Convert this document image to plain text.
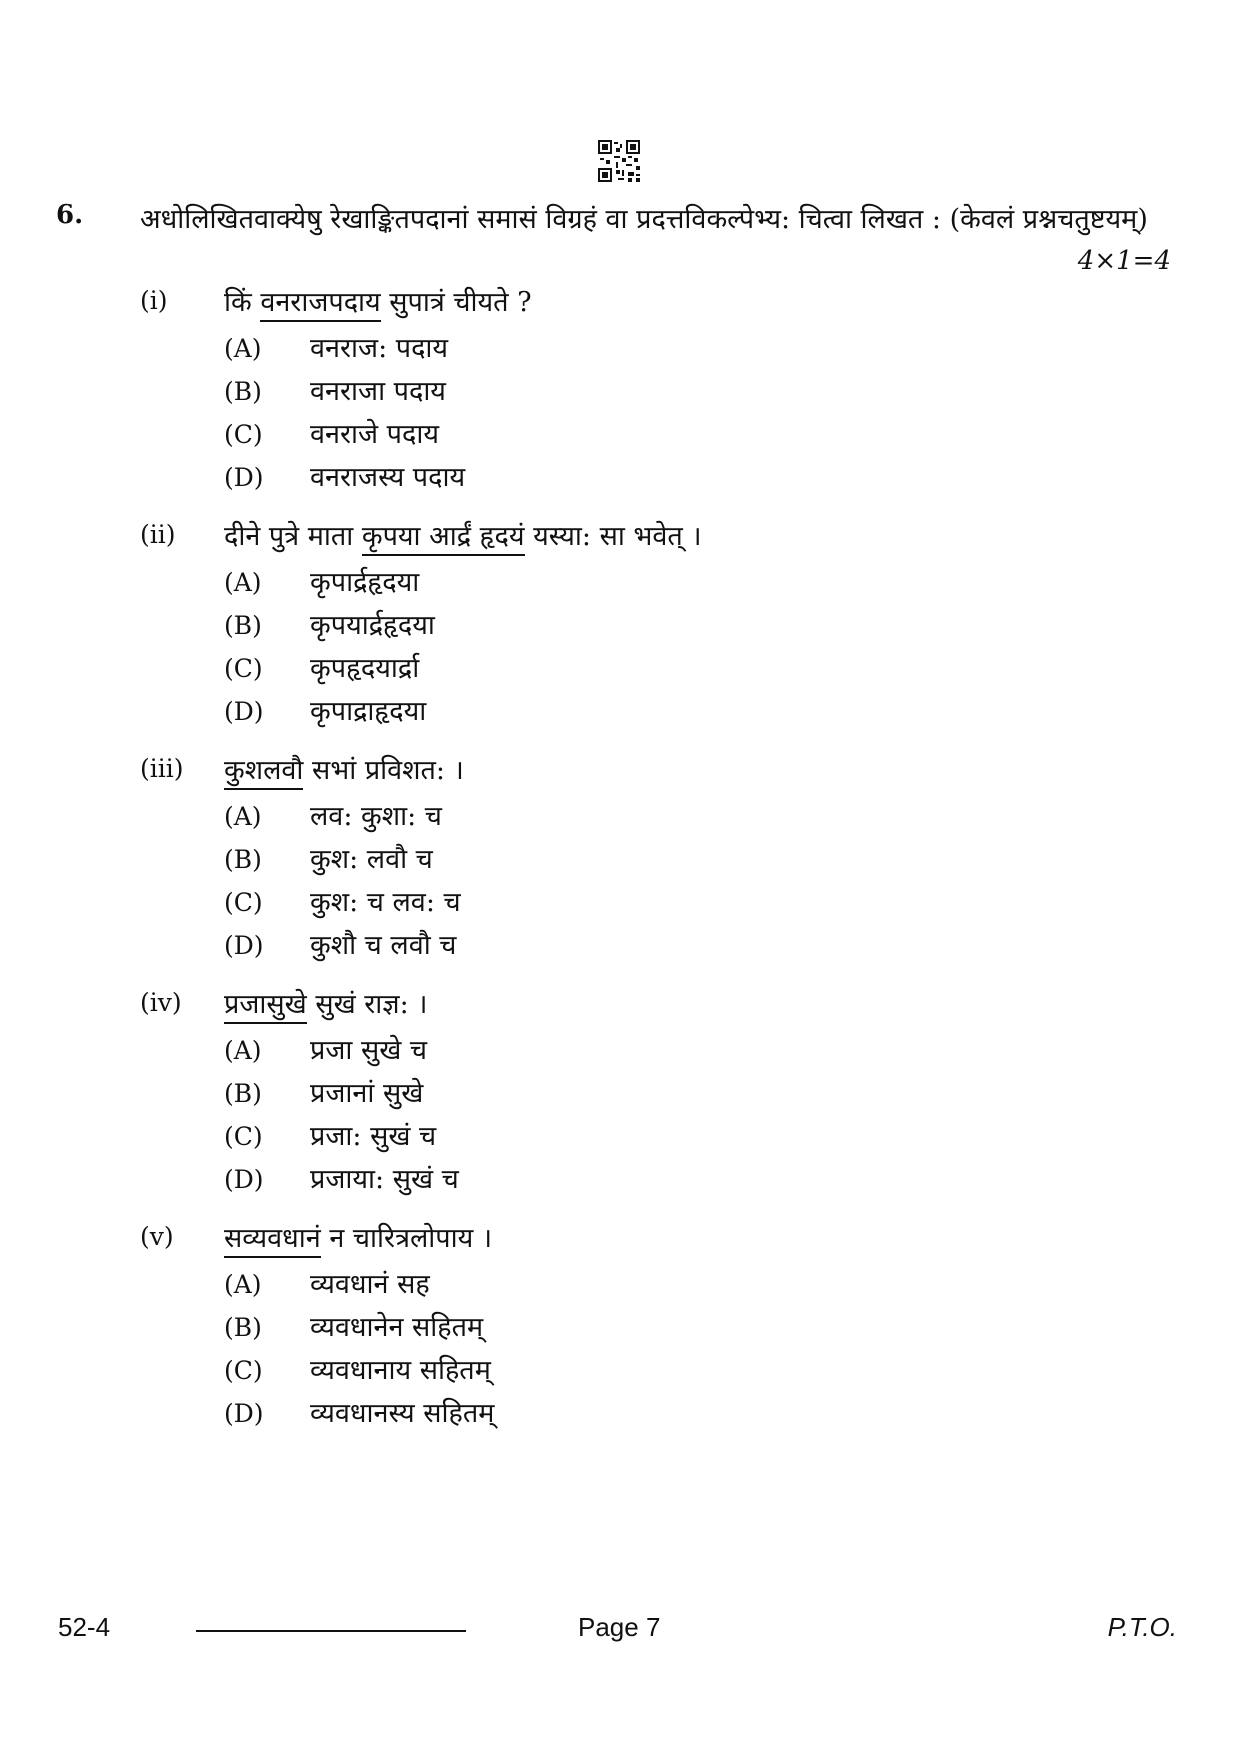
6. अधोलिखितवाक्येषु रेखाङ्कितपदानां समासं विग्रहं वा प्रदत्तविकल्पेभ्य: चित्वा लिखत : (केवलं प्रश्नचतुष्टयम्)
4×1=4
(i)	किं वनराजपदाय सुपात्रं चीयते ?
(A) वनराज: पदाय
(B) वनराजा पदाय
(C) वनराजे पदाय
(D) वनराजस्य पदाय
(ii)	दीने पुत्रे माता कृपया आर्द्रं हृदयं यस्या: सा भवेत् ।
(A) कृपार्द्रहृदया
(B) कृपयार्द्रहृदया
(C) कृपहृदयार्द्रा
(D) कृपाद्राहृदया
(iii)	कुशलवौ सभां प्रविशत: ।
(A) लव: कुशा: च
(B) कुश: लवौ च
(C) कुश: च लव: च
(D) कुशौ च लवौ च
(iv)	प्रजासुखे सुखं राज्ञ: ।
(A) प्रजा सुखे च
(B) प्रजानां सुखे
(C) प्रजा: सुखं च
(D) प्रजाया: सुखं च
(v)	सव्यवधानं न चारित्रलोपाय ।
(A) व्यवधानं सह
(B) व्यवधानेन सहितम्
(C) व्यवधानाय सहितम्
(D) व्यवधानस्य सहितम्
52-4	Page 7	P.T.O.
